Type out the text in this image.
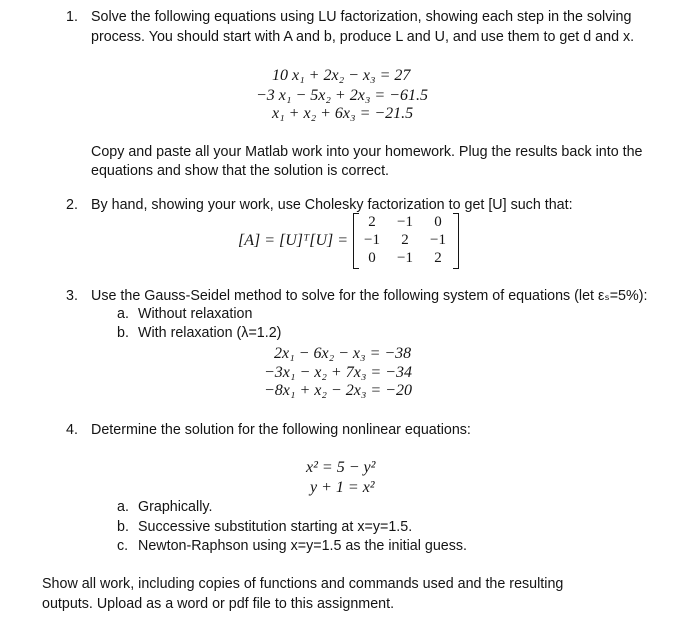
1. Solve the following equations using LU factorization, showing each step in the solving
process. You should start with A and b, produce L and U, and use them to get d and x.
10 x₁ + 2x₂ − x₃ = 27
−3 x₁ − 5x₂ + 2x₃ = −61.5
x₁ + x₂ + 6x₃ = −21.5
Copy and paste all your Matlab work into your homework. Plug the results back into the
equations and show that the solution is correct.
2. By hand, showing your work, use Cholesky factorization to get [U] such that:
[A] = [U]ᵀ[U] =
2	−1	0
−1	2	−1
0	−1	2
3. Use the Gauss-Seidel method to solve for the following system of equations (let εₛ=5%):
a. Without relaxation
b. With relaxation (λ=1.2)
2x₁ − 6x₂ − x₃ = −38
−3x₁ − x₂ + 7x₃ = −34
−8x₁ + x₂ − 2x₃ = −20
4. Determine the solution for the following nonlinear equations:
x² = 5 − y²
y + 1 = x²
a. Graphically.
b. Successive substitution starting at x=y=1.5.
c. Newton-Raphson using x=y=1.5 as the initial guess.
Show all work, including copies of functions and commands used and the resulting
outputs. Upload as a word or pdf file to this assignment.
